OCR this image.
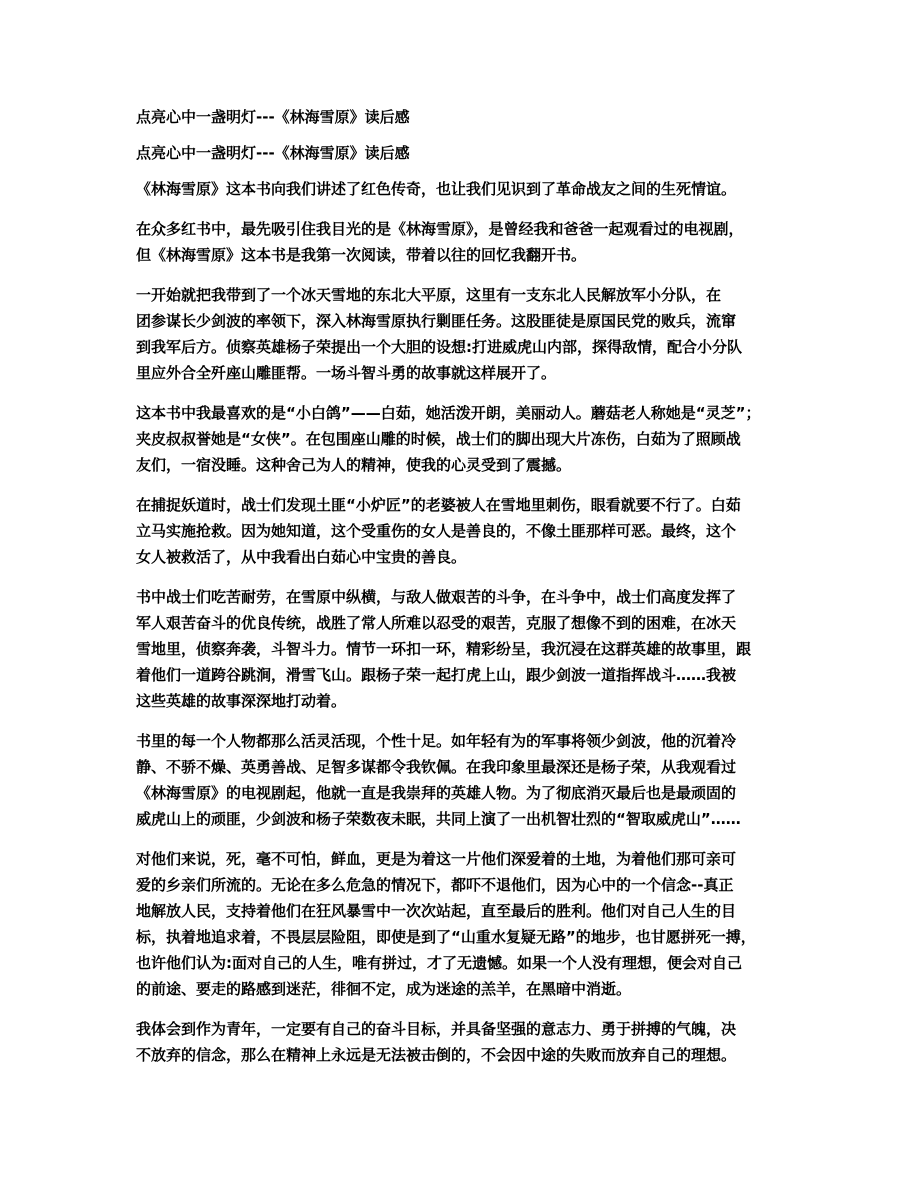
点亮心中一盏明灯---《林海雪原》读后感
点亮心中一盏明灯---《林海雪原》读后感
《林海雪原》这本书向我们讲述了红色传奇，也让我们见识到了革命战友之间的生死情谊。
在众多红书中，最先吸引住我目光的是《林海雪原》，是曾经我和爸爸一起观看过的电视剧，
但《林海雪原》这本书是我第一次阅读，带着以往的回忆我翻开书。
一开始就把我带到了一个冰天雪地的东北大平原，这里有一支东北人民解放军小分队，在
团参谋长少剑波的率领下，深入林海雪原执行剿匪任务。这股匪徒是原国民党的败兵，流窜
到我军后方。侦察英雄杨子荣提出一个大胆的设想:打进威虎山内部，探得敌情，配合小分队
里应外合全歼座山雕匪帮。一场斗智斗勇的故事就这样展开了。
这本书中我最喜欢的是“小白鸽”——白茹，她活泼开朗，美丽动人。蘑菇老人称她是“灵芝”；
夹皮叔叔誉她是“女侠”。在包围座山雕的时候，战士们的脚出现大片冻伤，白茹为了照顾战
友们，一宿没睡。这种舍己为人的精神，使我的心灵受到了震撼。
在捕捉妖道时，战士们发现土匪“小炉匠”的老婆被人在雪地里刺伤，眼看就要不行了。白茹
立马实施抢救。因为她知道，这个受重伤的女人是善良的，不像土匪那样可恶。最终，这个
女人被救活了，从中我看出白茹心中宝贵的善良。
书中战士们吃苦耐劳，在雪原中纵横，与敌人做艰苦的斗争，在斗争中，战士们高度发挥了
军人艰苦奋斗的优良传统，战胜了常人所难以忍受的艰苦，克服了想像不到的困难，在冰天
雪地里，侦察奔袭，斗智斗力。情节一环扣一环，精彩纷呈，我沉浸在这群英雄的故事里，跟
着他们一道跨谷跳涧，滑雪飞山。跟杨子荣一起打虎上山，跟少剑波一道指挥战斗……我被
这些英雄的故事深深地打动着。
书里的每一个人物都那么活灵活现，个性十足。如年轻有为的军事将领少剑波，他的沉着冷
静、不骄不燥、英勇善战、足智多谋都令我钦佩。在我印象里最深还是杨子荣，从我观看过
《林海雪原》的电视剧起，他就一直是我崇拜的英雄人物。为了彻底消灭最后也是最顽固的
威虎山上的顽匪，少剑波和杨子荣数夜未眠，共同上演了一出机智壮烈的“智取威虎山”……
对他们来说，死，毫不可怕，鲜血，更是为着这一片他们深爱着的土地，为着他们那可亲可
爱的乡亲们所流的。无论在多么危急的情况下，都吓不退他们，因为心中的一个信念--真正
地解放人民，支持着他们在狂风暴雪中一次次站起，直至最后的胜利。他们对自己人生的目
标，执着地追求着，不畏层层险阻，即使是到了“山重水复疑无路”的地步，也甘愿拼死一搏，
也许他们认为:面对自己的人生，唯有拼过，才了无遗憾。如果一个人没有理想，便会对自己
的前途、要走的路感到迷茫，徘徊不定，成为迷途的羔羊，在黑暗中消逝。
我体会到作为青年，一定要有自己的奋斗目标，并具备坚强的意志力、勇于拼搏的气魄，决
不放弃的信念，那么在精神上永远是无法被击倒的，不会因中途的失败而放弃自己的理想。
